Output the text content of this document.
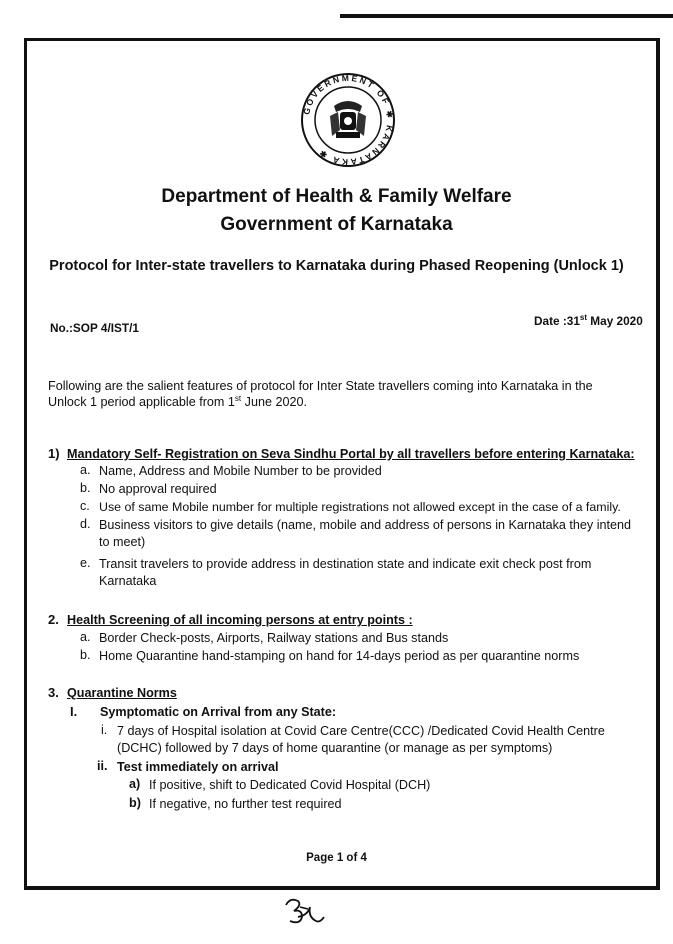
GOVERNMENT OF ✱ KARNATAKA ✱
Department of Health & Family Welfare
Government of Karnataka
Protocol for Inter-state travellers to Karnataka during Phased Reopening (Unlock 1)
No.:SOP 4/IST/1	Date :31st May 2020
Following are the salient features of protocol for Inter State travellers coming into Karnataka in the
Unlock 1 period applicable from 1st June 2020.
1) Mandatory Self- Registration on Seva Sindhu Portal by all travellers before entering Karnataka:
a. Name, Address and Mobile Number to be provided
b. No approval required
c. Use of same Mobile number for multiple registrations not allowed except in the case of a family.
d. Business visitors to give details (name, mobile and address of persons in Karnataka they intend
to meet)
e. Transit travelers to provide address in destination state and indicate exit check post from
Karnataka
2. Health Screening of all incoming persons at entry points :
a. Border Check-posts, Airports, Railway stations and Bus stands
b. Home Quarantine hand-stamping on hand for 14-days period as per quarantine norms
3. Quarantine Norms
I. Symptomatic on Arrival from any State:
i. 7 days of Hospital isolation at Covid Care Centre(CCC) /Dedicated Covid Health Centre
(DCHC) followed by 7 days of home quarantine (or manage as per symptoms)
ii. Test immediately on arrival
a) If positive, shift to Dedicated Covid Hospital (DCH)
b) If negative, no further test required
Page 1 of 4
